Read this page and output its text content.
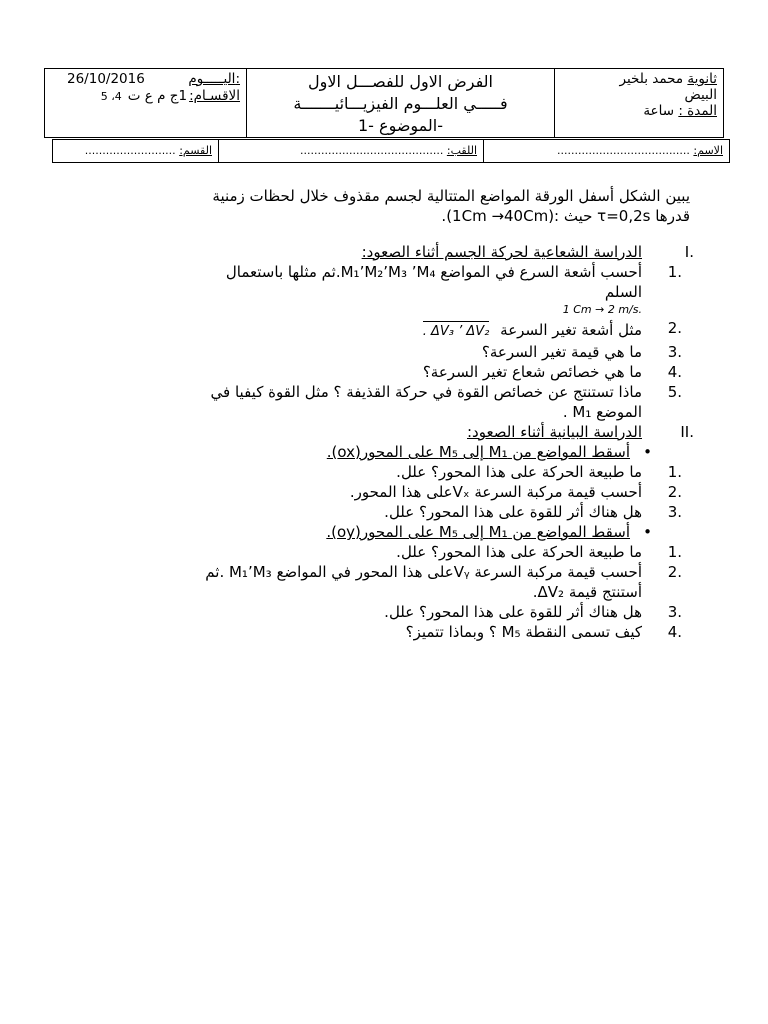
26/10/2016	اليـــــوم:
الاقسـام:
1ج م ع ت
4، 5
الفرض الاول للفصـــل الاول
فـــــي العلـــوم الفيزيـــائيـــــــة
-الموضوع -1
ثانوية محمد بلخير
البيض
المدة : ساعة
القسم: ..........................	اللقب: .........................................	الاسم: ......................................
يبين الشكل أسفل الورقة المواضع المتتالية لجسم مقذوف خلال لحظات زمنية
قدرها τ=0,2s حيث :(1Cm →40Cm).
I.
الدراسة الشعاعية لحركة الجسم أثناء الصعود:
1.
أحسب أشعة السرع في المواضع M₁’M₂’M₃ ’M₄.ثم مثلها باستعمال
السلم
1 Cm → 2 m/s.
2.
مثل أشعة تغير السرعة ΔV₃ ’ ΔV₂ .
3.
ما هي قيمة تغير السرعة؟
4.
ما هي خصائص شعاع تغير السرعة؟
5.
ماذا تستنتج عن خصائص القوة في حركة القذيفة ؟ مثل القوة كيفيا في
الموضع M₁ .
II.
الدراسة البيانية أثناء الصعود:
•
أسقط المواضع من M₁ إلى M₅ على المحور(ox).
1.
ما طبيعة الحركة على هذا المحور؟ علل.
2.
أحسب قيمة مركبة السرعة Vₓعلى هذا المحور.
3.
هل هناك أثر للقوة على هذا المحور؟ علل.
•
أسقط المواضع من M₁ إلى M₅ على المحور(oy).
1.
ما طبيعة الحركة على هذا المحور؟ علل.
2.
أحسب قيمة مركبة السرعة Vᵧعلى هذا المحور في المواضع M₁’M₃ .ثم
أستنتج قيمة ΔV₂.
3.
هل هناك أثر للقوة على هذا المحور؟ علل.
4.
كيف تسمى النقطة M₅ ؟ وبماذا تتميز؟
